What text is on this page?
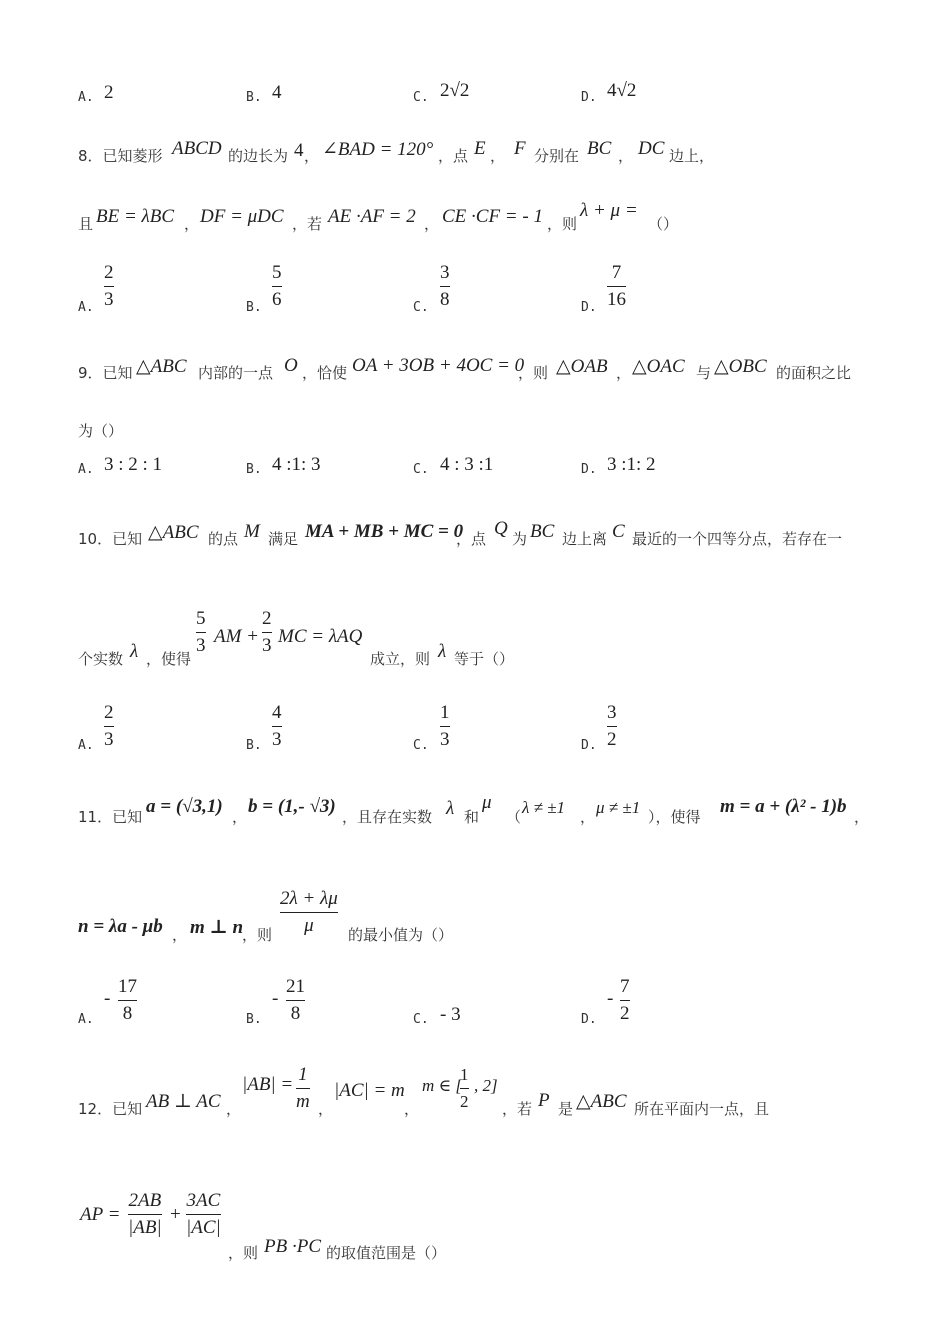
A. 2	B. 4	C. 2√2	D. 4√2
8．已知菱形 ABCD 的边长为 4 ， ∠BAD = 120° ，点 E ， F 分别在 BC ， DC 边上，
且 BE = λBC ， DF = μDC ，若 AE ·AF = 2 ， CE ·CF = - 1 ，则
λ + μ =
（）
A.
2
3	B.
5
6	C.
3
8	D.
7
16
9．已知 △ABC 内部的一点 O ，恰使 OA + 3OB + 4OC = 0
，则 △OAB ， △OAC 与 △OBC 的面积之比
为（）
A. 3 : 2 : 1	B. 4 :1: 3	C. 4 : 3 :1	D. 3 :1: 2
10．已知 △ABC 的点 M 满足 MA + MB + MC = 0
，点 Q 为 BC 边上离 C 最近的一个四等分点，若存在一
个实数 λ ，使得
5
3 AM +
2
3 MC = λAQ
成立，则 λ 等于（）
A.
2
3	B.
4
3	C.
1
3	D.
3
2
11．已知 a = (√3,1) ， b = (1,- √3) ，且存在实数 λ 和
μ
（ λ ≠ ±1 ， μ ≠ ±1 ），使得 m = a + (λ² - 1)b ，
n = λa - μb ， m ⊥ n
，则
2λ + λμ
μ 的最小值为（）
A.
-
17
8	B.
-
21
8	C. - 3	D.
-
7
2
12．已知 AB ⊥ AC ，
|AB| = 1
m ，
|AC| = m
，
m ∈ [
1
2
, 2]
，若 P 是 △ABC 所在平面内一点，且
AP =
2AB
|AB|
+
3AC
|AC|
，则 PB ·PC 的取值范围是（）
